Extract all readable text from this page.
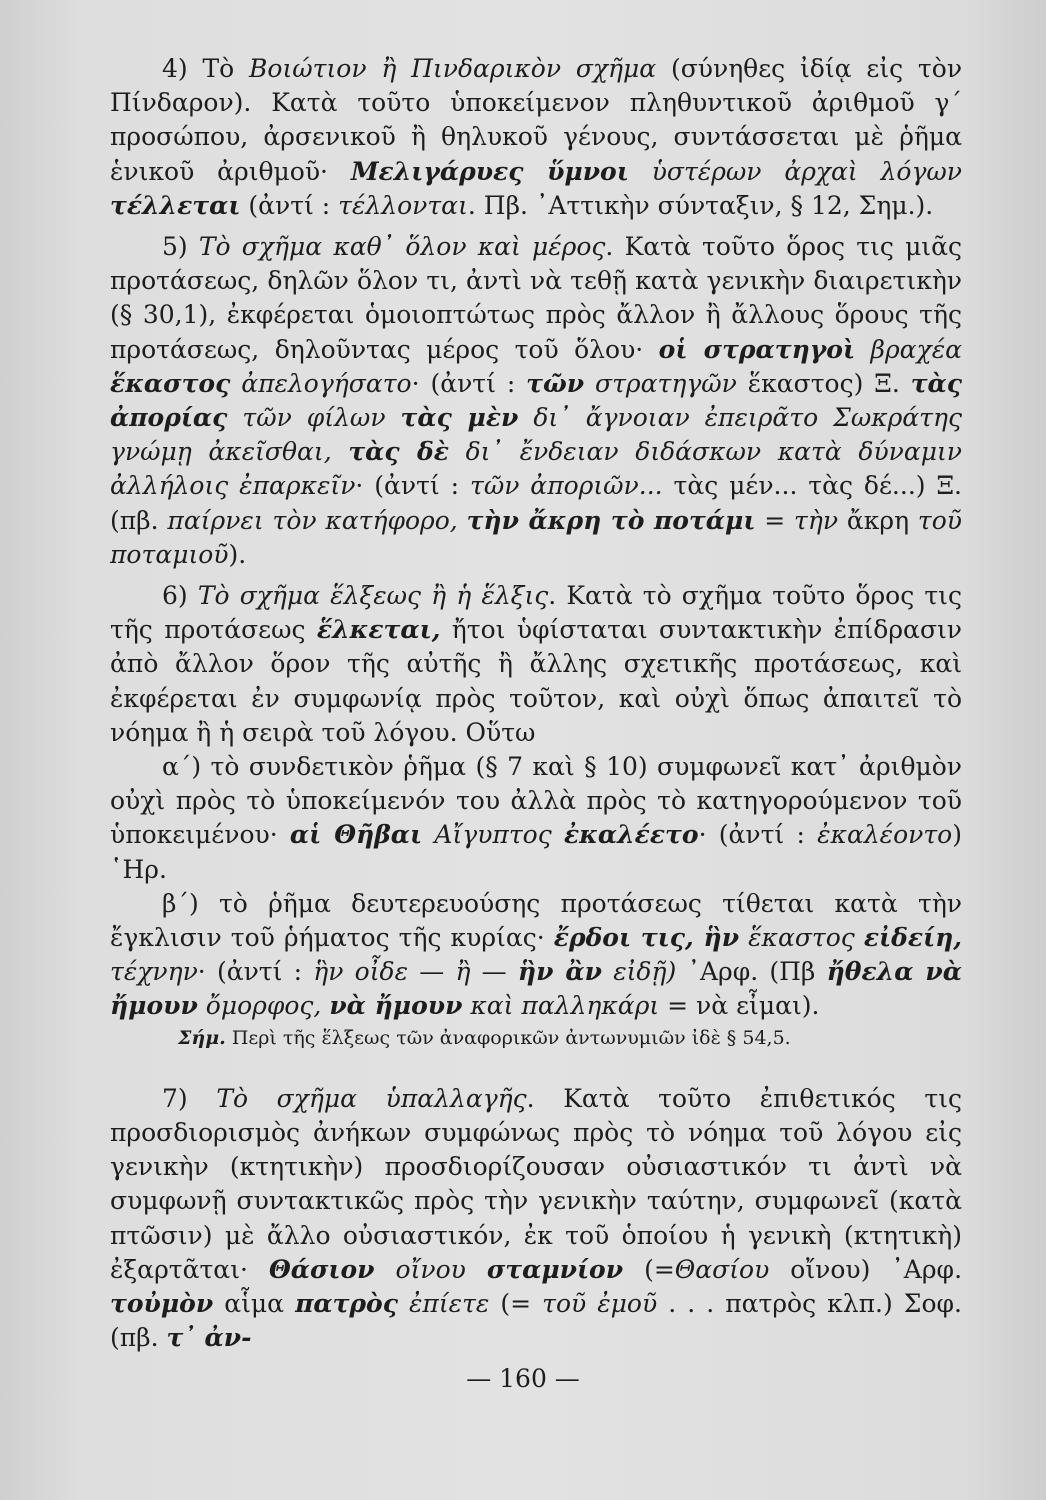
4) Τὸ Βοιώτιον ἢ Πινδαρικὸν σχῆμα (σύνηθες ἰδίᾳ εἰς τὸν Πίνδαρον). Κατὰ τοῦτο ὑποκείμενον πληθυντικοῦ ἀριθμοῦ γ΄ προσώπου, ἀρσενικοῦ ἢ θηλυκοῦ γένους, συντάσσεται μὲ ῥῆμα ἑνικοῦ ἀριθμοῦ· Μελιγάρυες ὕμνοι ὑστέρων ἀρχαὶ λόγων τέλλεται (ἀντί : τέλλονται. Πβ. ᾿Αττικὴν σύνταξιν, § 12, Σημ.).

5) Τὸ σχῆμα καθ᾿ ὅλον καὶ μέρος. Κατὰ τοῦτο ὅρος τις μιᾶς προτάσεως, δηλῶν ὅλον τι, ἀντὶ νὰ τεθῇ κατὰ γενικὴν διαιρετικὴν (§ 30,1), ἐκφέρεται ὁμοιοπτώτως πρὸς ἄλλον ἢ ἄλλους ὅρους τῆς προτάσεως, δηλοῦντας μέρος τοῦ ὅλου· οἱ στρατηγοὶ βραχέα ἕκαστος ἀπελογήσατο· (ἀντί : τῶν στρατηγῶν ἕκαστος) Ξ. τὰς ἀπορίας τῶν φίλων τὰς μὲν δι᾿ ἄγνοιαν ἐπειρᾶτο Σωκράτης γνώμῃ ἀκεῖσθαι, τὰς δὲ δι᾿ ἔνδειαν διδάσκων κατὰ δύναμιν ἀλλήλοις ἐπαρκεῖν· (ἀντί : τῶν ἀποριῶν... τὰς μέν... τὰς δέ...) Ξ. (πβ. παίρνει τὸν κατήφορο, τὴν ἄκρη τὸ ποτάμι = τὴν ἄκρη τοῦ ποταμιοῦ).

6) Τὸ σχῆμα ἕλξεως ἢ ἡ ἕλξις. Κατὰ τὸ σχῆμα τοῦτο ὅρος τις τῆς προτάσεως ἕλκεται, ἤτοι ὑφίσταται συντακτικὴν ἐπίδρασιν ἀπὸ ἄλλον ὅρον τῆς αὐτῆς ἢ ἄλλης σχετικῆς προτάσεως, καὶ ἐκφέρεται ἐν συμφωνίᾳ πρὸς τοῦτον, καὶ οὐχὶ ὅπως ἀπαιτεῖ τὸ νόημα ἢ ἡ σειρὰ τοῦ λόγου. Οὕτω

α΄) τὸ συνδετικὸν ῥῆμα (§ 7 καὶ § 10) συμφωνεῖ κατ᾿ ἀριθμὸν οὐχὶ πρὸς τὸ ὑποκείμενόν του ἀλλὰ πρὸς τὸ κατηγορούμενον τοῦ ὑποκειμένου· αἱ Θῆβαι Αἴγυπτος ἐκαλέετο· (ἀντί : ἐκαλέοντο) ῾Ηρ.

β΄) τὸ ῥῆμα δευτερευούσης προτάσεως τίθεται κατὰ τὴν ἔγκλισιν τοῦ ῥήματος τῆς κυρίας· ἔρδοι τις, ἣν ἕκαστος εἰδείη, τέχνην· (ἀντί : ἣν οἶδε — ἢ — ἣν ἂν εἰδῇ) ᾿Αρφ. (Πβ ἤθελα νὰ ἤμουν ὄμορφος, νὰ ἤμουν καὶ παλληκάρι = νὰ εἶμαι).

Σήμ. Περὶ τῆς ἕλξεως τῶν ἀναφορικῶν ἀντωνυμιῶν ἰδὲ § 54,5.

7) Τὸ σχῆμα ὑπαλλαγῆς. Κατὰ τοῦτο ἐπιθετικός τις προσδιορισμὸς ἀνήκων συμφώνως πρὸς τὸ νόημα τοῦ λόγου εἰς γενικὴν (κτητικὴν) προσδιορίζουσαν οὐσιαστικόν τι ἀντὶ νὰ συμφωνῇ συντακτικῶς πρὸς τὴν γενικὴν ταύτην, συμφωνεῖ (κατὰ πτῶσιν) μὲ ἄλλο οὐσιαστικόν, ἐκ τοῦ ὁποίου ἡ γενικὴ (κτητικὴ) ἐξαρτᾶται· Θάσιον οἴνου σταμνίον (=Θασίου οἴνου) ᾿Αρφ. τοὐμὸν αἷμα πατρὸς ἐπίετε (= τοῦ ἐμοῦ . . . πατρὸς κλπ.) Σοφ. (πβ. τ᾿ ἀν-

— 160 —
